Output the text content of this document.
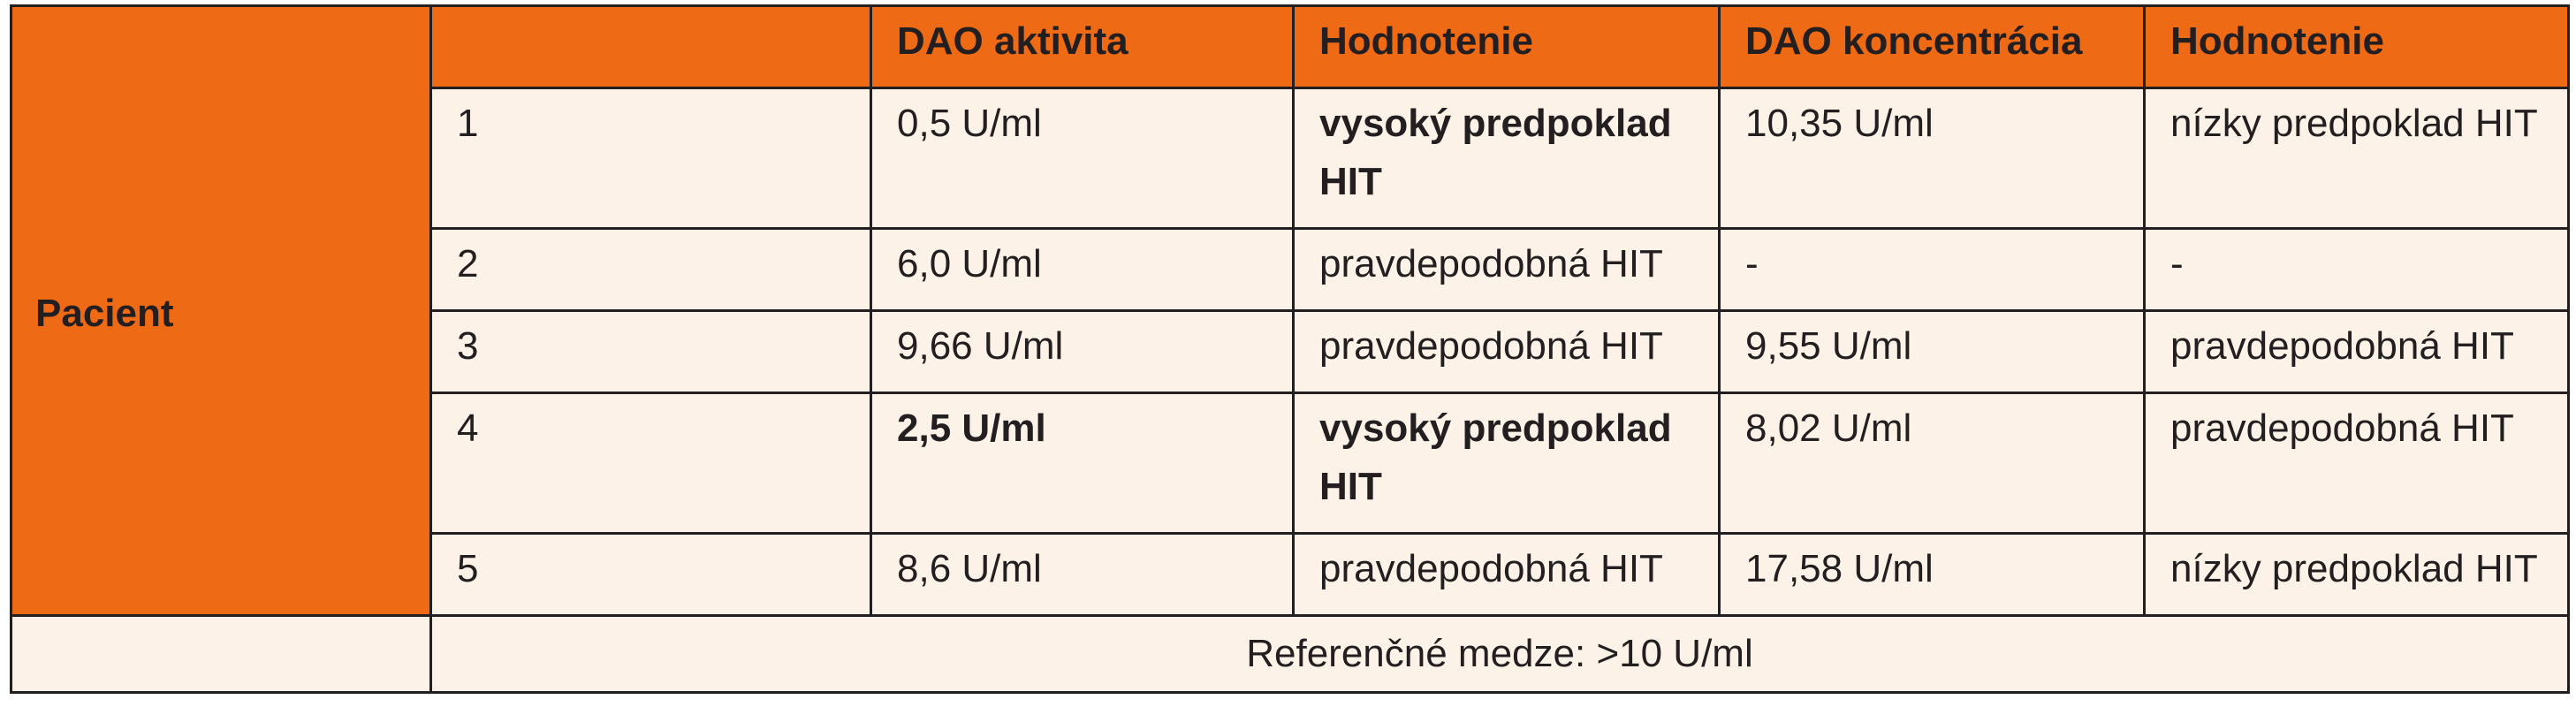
Pacient		DAO aktivita	Hodnotenie	DAO koncentrácia	Hodnotenie
	1	0,5 U/ml	vysoký predpoklad HIT	10,35 U/ml	nízky predpoklad HIT
	2	6,0 U/ml	pravdepodobná HIT	-	-
	3	9,66 U/ml	pravdepodobná HIT	9,55 U/ml	pravdepodobná HIT
	4	2,5 U/ml	vysoký predpoklad HIT	8,02 U/ml	pravdepodobná HIT
	5	8,6 U/ml	pravdepodobná HIT	17,58 U/ml	nízky predpoklad HIT
	Referenčné medze: >10 U/ml				
